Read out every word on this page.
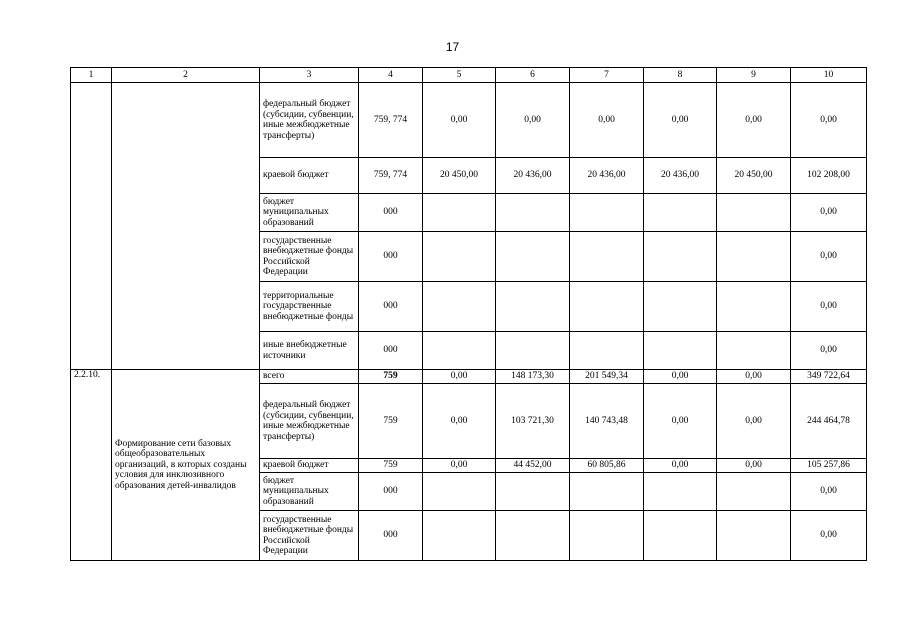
17
1	2	3	4	5	6	7	8	9	10
		федеральный бюджет (субсидии, субвенции, иные межбюджетные трансферты)	759, 774	0,00	0,00	0,00	0,00	0,00	0,00
		краевой бюджет	759, 774	20 450,00	20 436,00	20 436,00	20 436,00	20 450,00	102 208,00
		бюджет муниципальных образований	000						0,00
		государственные внебюджетные фонды Российской Федерации	000						0,00
		территориальные государственные внебюджетные фонды	000						0,00
		иные внебюджетные источники	000						0,00
2.2.10.	Формирование сети базовых общеобразовательных организаций, в которых созданы условия для инклюзивного образования детей-инвалидов	всего	759	0,00	148 173,30	201 549,34	0,00	0,00	349 722,64
		федеральный бюджет (субсидии, субвенции, иные межбюджетные трансферты)	759	0,00	103 721,30	140 743,48	0,00	0,00	244 464,78
		краевой бюджет	759	0,00	44 452,00	60 805,86	0,00	0,00	105 257,86
		бюджет муниципальных образований	000						0,00
		государственные внебюджетные фонды Российской Федерации	000						0,00
